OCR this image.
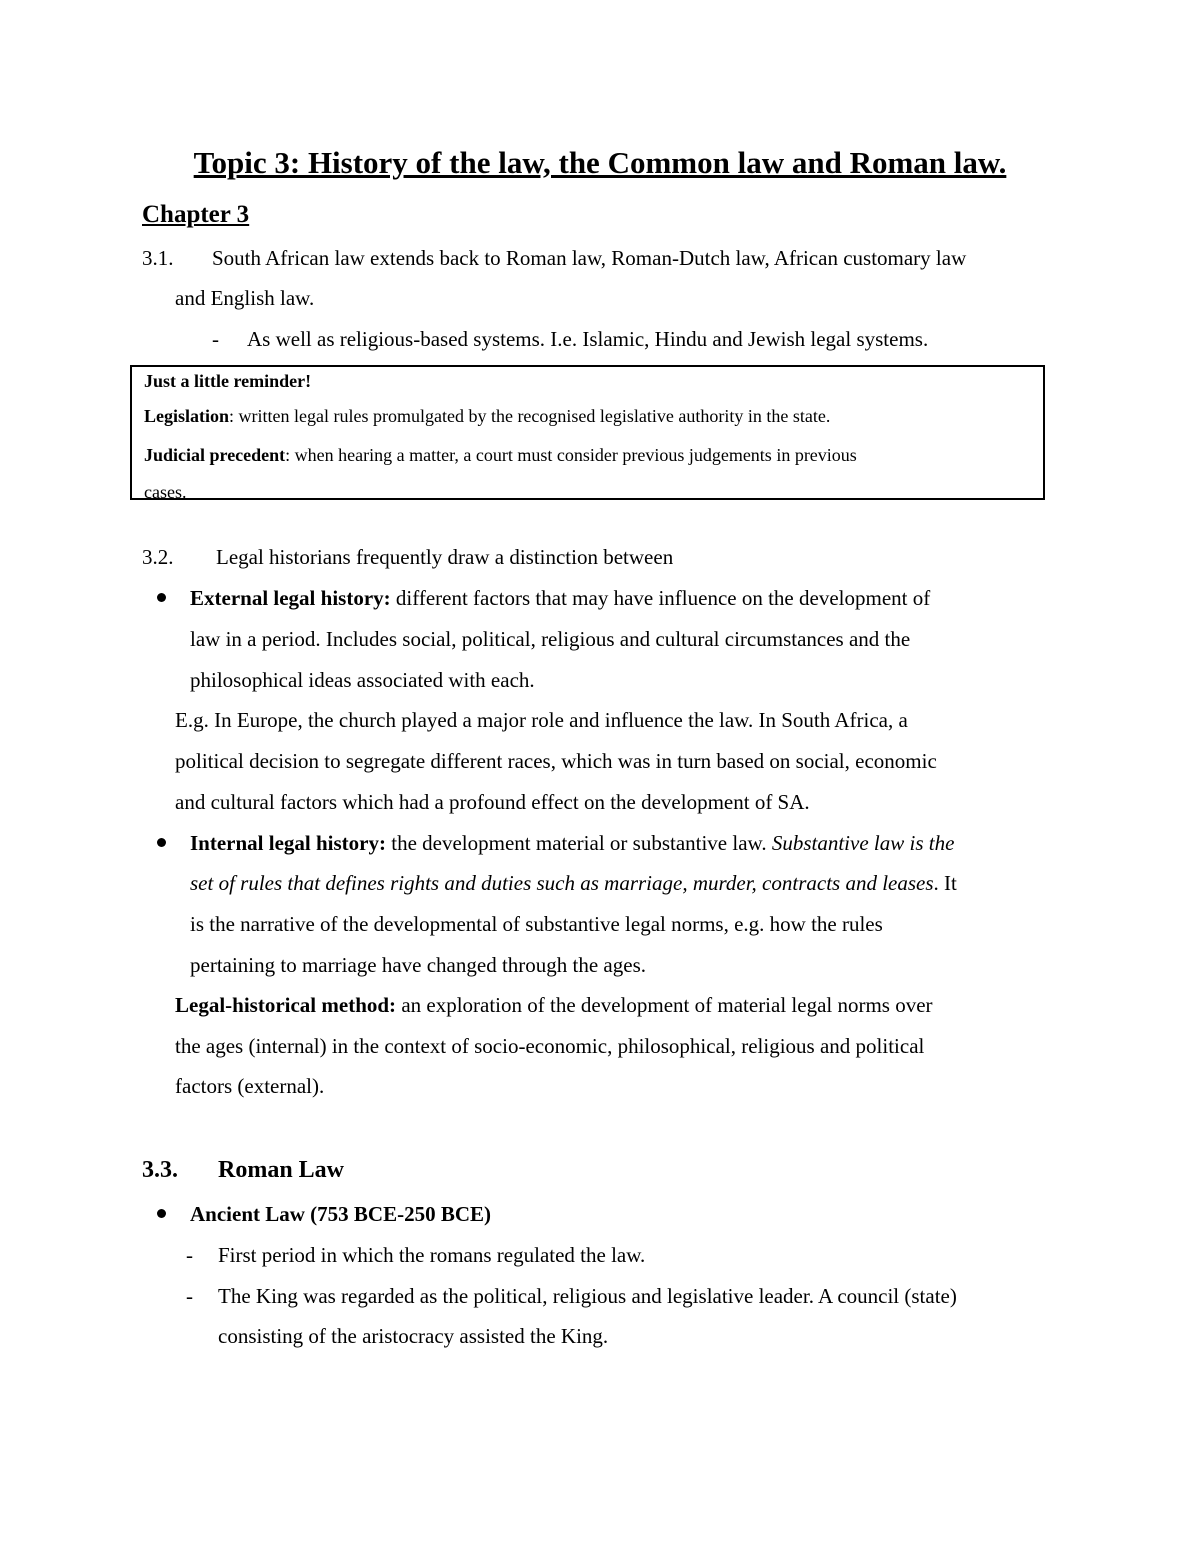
Topic 3: History of the law, the Common law and Roman law.
Chapter 3
3.1. South African law extends back to Roman law, Roman-Dutch law, African customary law
and English law.
- As well as religious-based systems. I.e. Islamic, Hindu and Jewish legal systems.
Just a little reminder!
Legislation: written legal rules promulgated by the recognised legislative authority in the state.
Judicial precedent: when hearing a matter, a court must consider previous judgements in previous
cases.
3.2. Legal historians frequently draw a distinction between
External legal history: different factors that may have influence on the development of
law in a period. Includes social, political, religious and cultural circumstances and the
philosophical ideas associated with each.
E.g. In Europe, the church played a major role and influence the law. In South Africa, a
political decision to segregate different races, which was in turn based on social, economic
and cultural factors which had a profound effect on the development of SA.
Internal legal history: the development material or substantive law. Substantive law is the
set of rules that defines rights and duties such as marriage, murder, contracts and leases. It
is the narrative of the developmental of substantive legal norms, e.g. how the rules
pertaining to marriage have changed through the ages.
Legal-historical method: an exploration of the development of material legal norms over
the ages (internal) in the context of socio-economic, philosophical, religious and political
factors (external).
3.3. Roman Law
Ancient Law (753 BCE-250 BCE)
- First period in which the romans regulated the law.
- The King was regarded as the political, religious and legislative leader. A council (state)
consisting of the aristocracy assisted the King.
